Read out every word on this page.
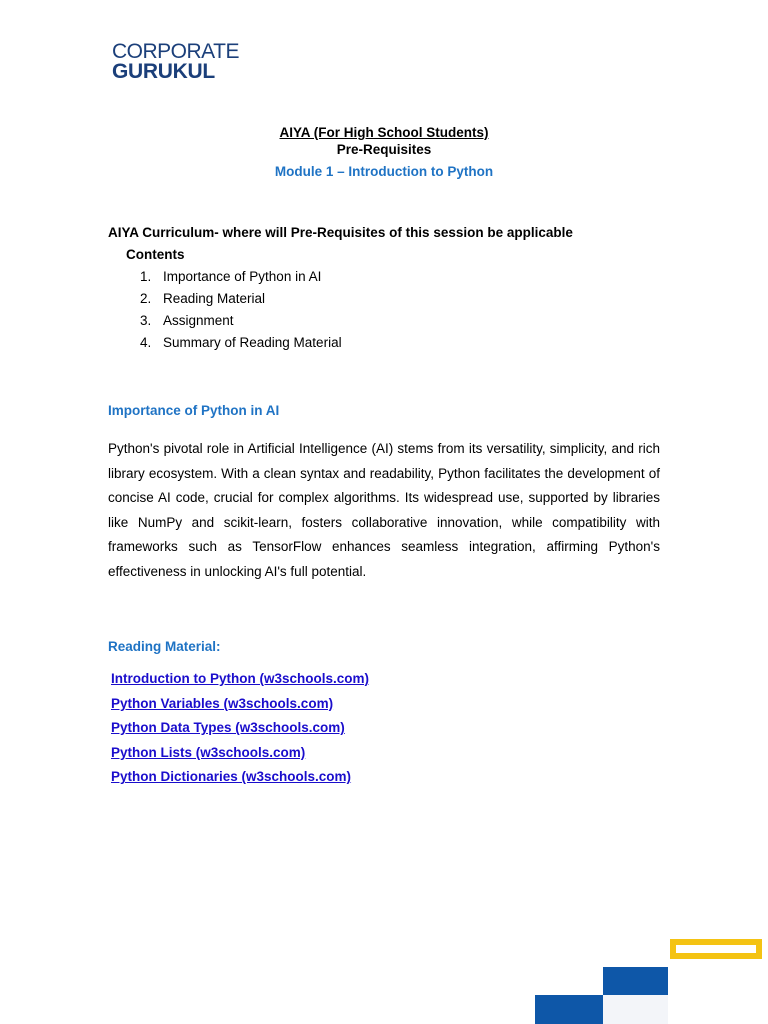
CORPORATE
GURUKUL
AIYA (For High School Students)
Pre-Requisites
Module 1 – Introduction to Python
AIYA Curriculum- where will Pre-Requisites of this session be applicable
Contents
1. Importance of Python in AI
2. Reading Material
3. Assignment
4. Summary of Reading Material
Importance of Python in AI

Python's pivotal role in Artificial Intelligence (AI) stems from its versatility, simplicity, and rich library ecosystem. With a clean syntax and readability, Python facilitates the development of concise AI code, crucial for complex algorithms. Its widespread use, supported by libraries like NumPy and scikit-learn, fosters collaborative innovation, while compatibility with frameworks such as TensorFlow enhances seamless integration, affirming Python's effectiveness in unlocking AI's full potential.

Reading Material:
Introduction to Python (w3schools.com)
Python Variables (w3schools.com)
Python Data Types (w3schools.com)
Python Lists (w3schools.com)
Python Dictionaries (w3schools.com)
